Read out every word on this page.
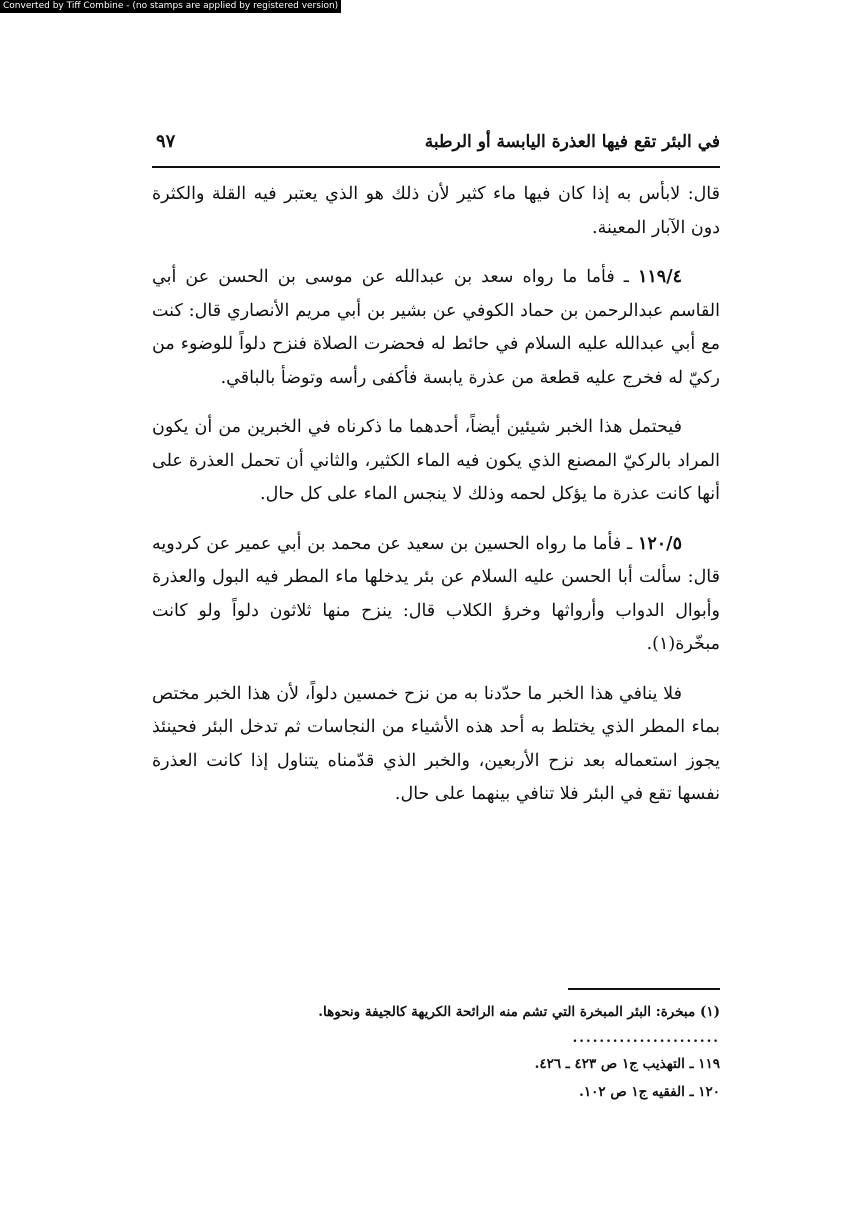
Converted by Tiff Combine - (no stamps are applied by registered version)
في البئر تقع فيها العذرة اليابسة أو الرطبة
٩٧

قال: لابأس به إذا كان فيها ماء كثير لأن ذلك هو الذي يعتبر فيه القلة والكثرة دون الآبار المعينة.

١١٩/٤ ـ فأما ما رواه سعد بن عبدالله عن موسى بن الحسن عن أبي القاسم عبدالرحمن بن حماد الكوفي عن بشير بن أبي مريم الأنصاري قال: كنت مع أبي عبدالله عليه السلام في حائط له فحضرت الصلاة فنزح دلواً للوضوء من ركيّ له فخرج عليه قطعة من عذرة يابسة فأكفى رأسه وتوضأ بالباقي.

فيحتمل هذا الخبر شيئين أيضاً، أحدهما ما ذكرناه في الخبرين من أن يكون المراد بالركيّ المصنع الذي يكون فيه الماء الكثير، والثاني أن تحمل العذرة على أنها كانت عذرة ما يؤكل لحمه وذلك لا ينجس الماء على كل حال.

١٢٠/٥ ـ فأما ما رواه الحسين بن سعيد عن محمد بن أبي عمير عن كردويه قال: سألت أبا الحسن عليه السلام عن بئر يدخلها ماء المطر فيه البول والعذرة وأبوال الدواب وأرواثها وخرؤ الكلاب قال: ينزح منها ثلاثون دلواً ولو كانت مبخّرة(١).

فلا ينافي هذا الخبر ما حدّدنا به من نزح خمسين دلواً، لأن هذا الخبر مختص بماء المطر الذي يختلط به أحد هذه الأشياء من النجاسات ثم تدخل البئر فحينئذ يجوز استعماله بعد نزح الأربعين، والخبر الذي قدّمناه يتناول إذا كانت العذرة نفسها تقع في البئر فلا تنافي بينهما على حال.

(١) مبخرة: البئر المبخرة التي تشم منه الرائحة الكريهة كالجيفة ونحوها.

......................

١١٩ ـ التهذيب ج١ ص ٤٢٣ ـ ٤٢٦.

١٢٠ ـ الفقيه ج١ ص ١٠٢.
